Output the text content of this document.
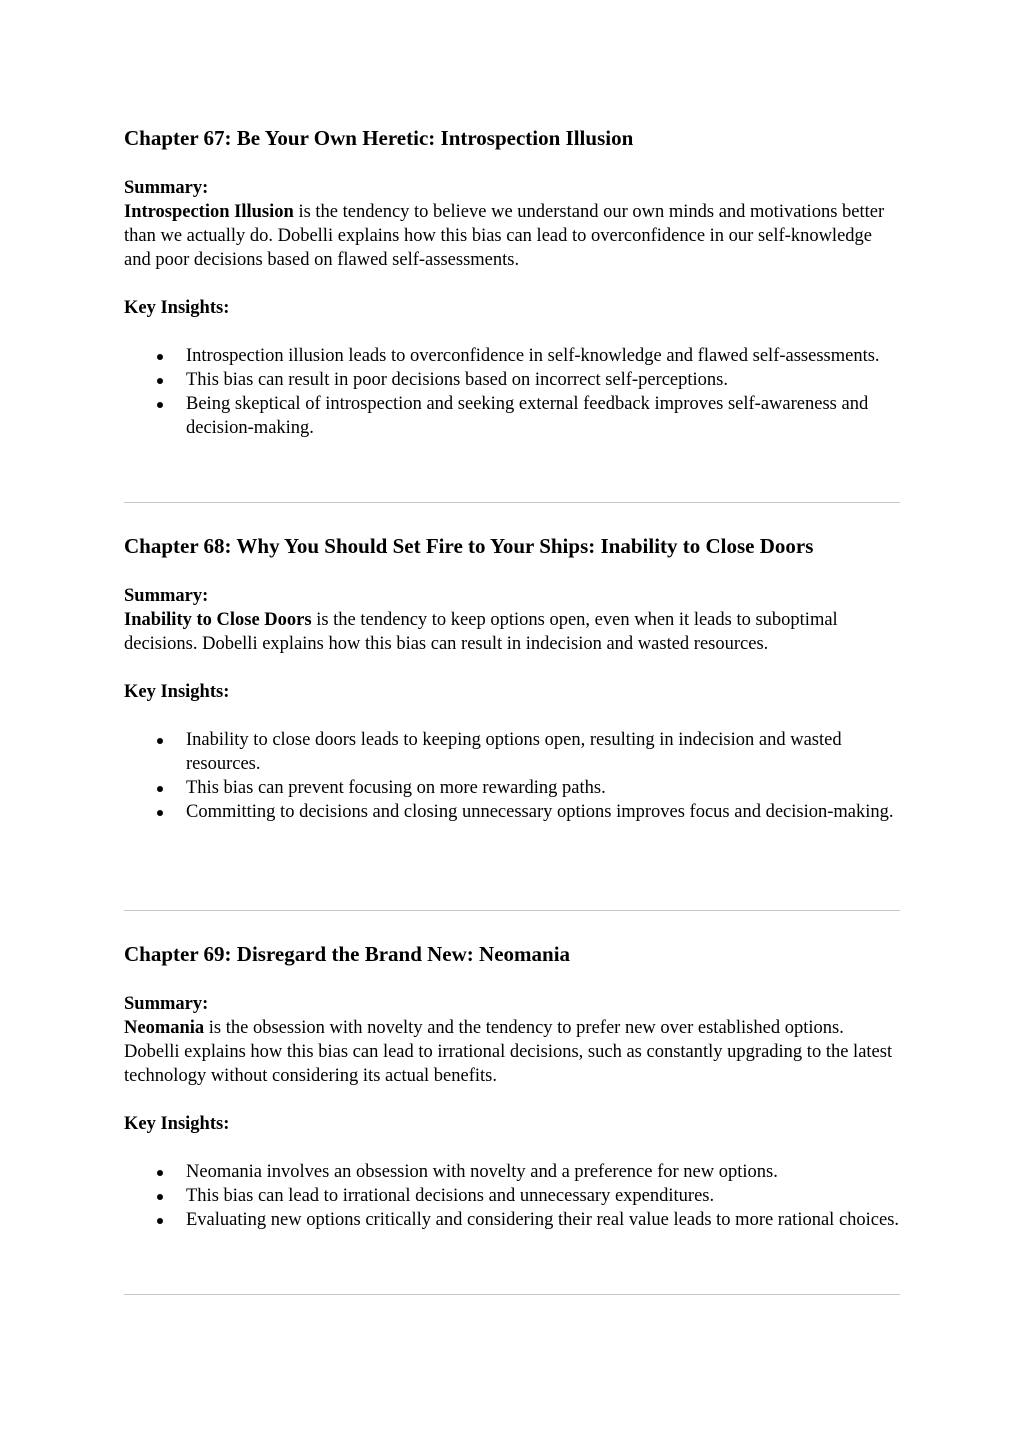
Chapter 67: Be Your Own Heretic: Introspection Illusion
Summary:

Introspection Illusion is the tendency to believe we understand our own minds and motivations better than we actually do. Dobelli explains how this bias can lead to overconfidence in our self-knowledge and poor decisions based on flawed self-assessments.

Key Insights:
Introspection illusion leads to overconfidence in self-knowledge and flawed self-assessments.
This bias can result in poor decisions based on incorrect self-perceptions.
Being skeptical of introspection and seeking external feedback improves self-awareness and decision-making.
Chapter 68: Why You Should Set Fire to Your Ships: Inability to Close Doors
Summary:

Inability to Close Doors is the tendency to keep options open, even when it leads to suboptimal decisions. Dobelli explains how this bias can result in indecision and wasted resources.

Key Insights:
Inability to close doors leads to keeping options open, resulting in indecision and wasted resources.
This bias can prevent focusing on more rewarding paths.
Committing to decisions and closing unnecessary options improves focus and decision-making.
Chapter 69: Disregard the Brand New: Neomania
Summary:

Neomania is the obsession with novelty and the tendency to prefer new over established options. Dobelli explains how this bias can lead to irrational decisions, such as constantly upgrading to the latest technology without considering its actual benefits.

Key Insights:
Neomania involves an obsession with novelty and a preference for new options.
This bias can lead to irrational decisions and unnecessary expenditures.
Evaluating new options critically and considering their real value leads to more rational choices.
